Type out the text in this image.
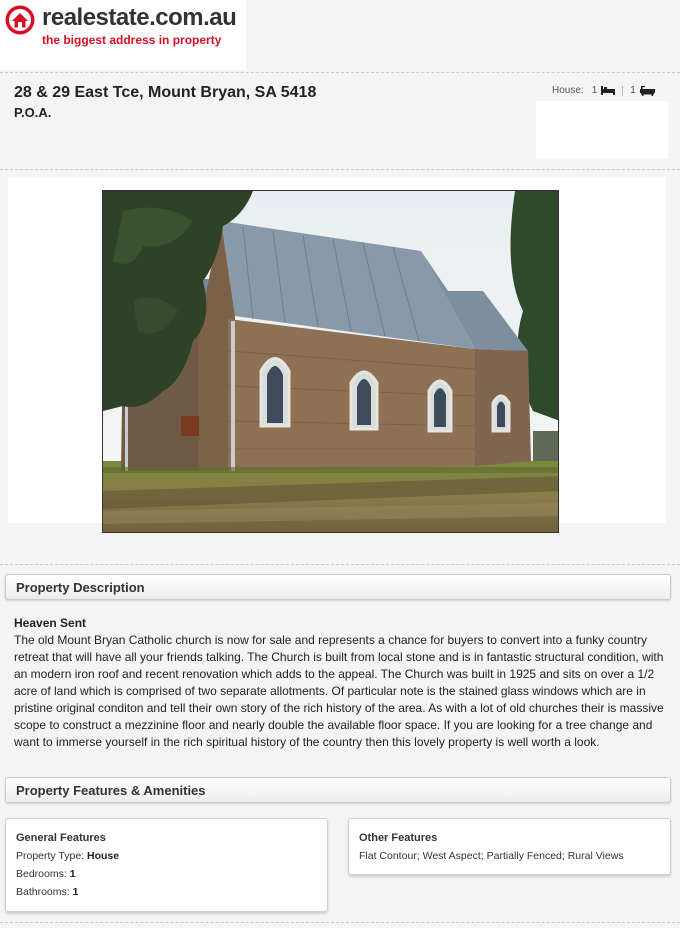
realestate.com.au
the biggest address in property
28 & 29 East Tce, Mount Bryan, SA 5418
P.O.A.
House: 1	1
Property Description
Heaven Sent
The old Mount Bryan Catholic church is now for sale and represents a chance for buyers to convert into a funky country retreat that will have all your friends talking. The Church is built from local stone and is in fantastic structural condition, with an modern iron roof and recent renovation which adds to the appeal. The Church was built in 1925 and sits on over a 1/2 acre of land which is comprised of two separate allotments. Of particular note is the stained glass windows which are in pristine original conditon and tell their own story of the rich history of the area. As with a lot of old churches their is massive scope to construct a mezzinine floor and nearly double the available floor space. If you are looking for a tree change and want to immerse yourself in the rich spiritual history of the country then this lovely property is well worth a look.
Property Features & Amenities
General Features
Property Type: House
Bedrooms: 1
Bathrooms: 1
Other Features
Flat Contour; West Aspect; Partially Fenced; Rural Views
